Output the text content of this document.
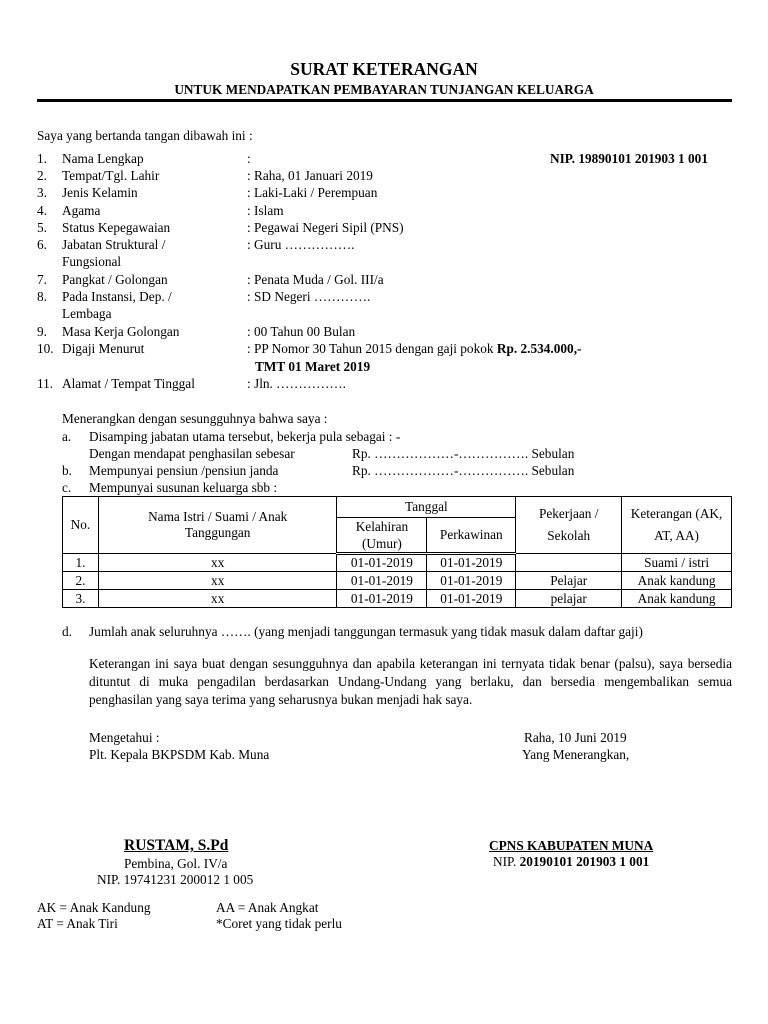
SURAT KETERANGAN
UNTUK MENDAPATKAN PEMBAYARAN TUNJANGAN KELUARGA
Saya yang bertanda tangan dibawah ini :
1. Nama Lengkap	:	NIP. 19890101 201903 1 001
2. Tempat/Tgl. Lahir	: Raha, 01 Januari 2019
3. Jenis Kelamin	: Laki-Laki / Perempuan
4. Agama	: Islam
5. Status Kepegawaian	: Pegawai Negeri Sipil (PNS)
6. Jabatan Struktural /
Fungsional
: Guru …………….
7. Pangkat / Golongan	: Penata Muda / Gol. III/a
8. Pada Instansi, Dep. /
Lembaga
: SD Negeri ………….
9. Masa Kerja Golongan	: 00 Tahun 00 Bulan
10. Digaji Menurut	: PP Nomor 30 Tahun 2015 dengan gaji pokok Rp. 2.534.000,-
TMT 01 Maret 2019
11. Alamat / Tempat Tinggal	: Jln. …………….
Menerangkan dengan sesungguhnya bahwa saya :
a. Disamping jabatan utama tersebut, bekerja pula sebagai : -
Dengan mendapat penghasilan sebesar	Rp. ………………-……………. Sebulan
b. Mempunyai pensiun /pensiun janda	Rp. ………………-……………. Sebulan
c. Mempunyai susunan keluarga sbb :
No.	Nama Istri / Suami / Anak Tanggungan	Tanggal		Pekerjaan / Sekolah	Keterangan (AK, AT, AA)
		Kelahiran (Umur)	Perkawinan		
1.	xx	01-01-2019	01-01-2019		Suami / istri
2.	xx	01-01-2019	01-01-2019	Pelajar	Anak kandung
3.	xx	01-01-2019	01-01-2019	pelajar	Anak kandung
d. Jumlah anak seluruhnya ……. (yang menjadi tanggungan termasuk yang tidak masuk dalam daftar gaji)
Keterangan ini saya buat dengan sesungguhnya dan apabila keterangan ini ternyata tidak benar (palsu), saya bersedia dituntut di muka pengadilan berdasarkan Undang-Undang yang berlaku, dan bersedia mengembalikan semua penghasilan yang saya terima yang seharusnya bukan menjadi hak saya.
Mengetahui :
Plt. Kepala BKPSDM Kab. Muna
Raha, 10 Juni 2019
Yang Menerangkan,
RUSTAM, S.Pd
Pembina, Gol. IV/a
NIP. 19741231 200012 1 005
CPNS KABUPATEN MUNA
NIP. 20190101 201903 1 001
AK = Anak Kandung
AT = Anak Tiri
AA = Anak Angkat
*Coret yang tidak perlu
